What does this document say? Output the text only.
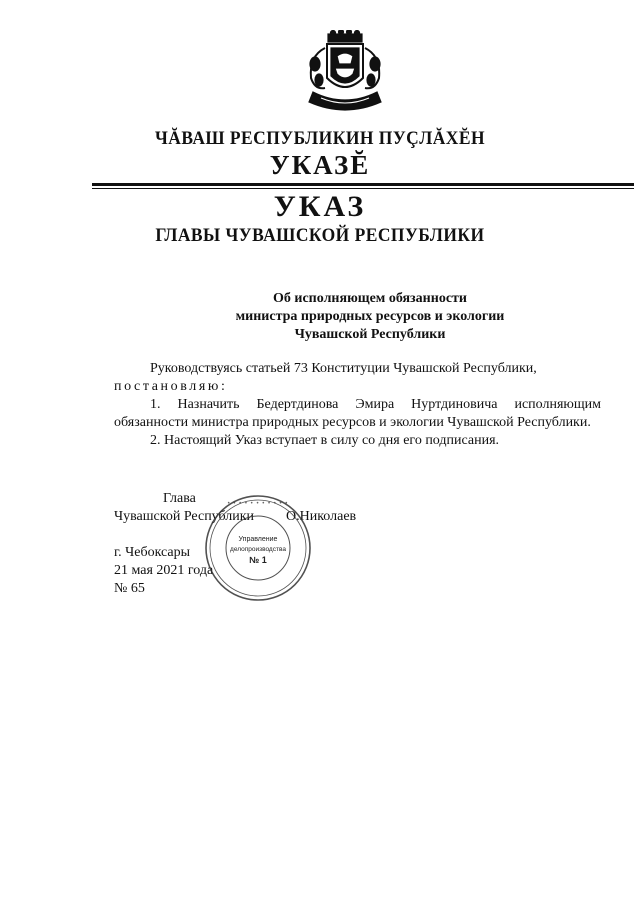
ЧĂВАШ РЕСПУБЛИКИН ПУÇЛĂХĔН
УКАЗĔ
УКАЗ
ГЛАВЫ ЧУВАШСКОЙ РЕСПУБЛИКИ
Об исполняющем обязанности
министра природных ресурсов и экологии
Чувашской Республики

Руководствуясь статьей 73 Конституции Чувашской Республики,

постановляю:

1. Назначить Бедертдинова Эмира Нуртдиновича исполняющим обязанности министра природных ресурсов и экологии Чувашской Республики.

2. Настоящий Указ вступает в силу со дня его подписания.

Глава
Чувашской Республики О.Николаев
г. Чебоксары
21 мая 2021 года
№ 65
• • • • • • • • • • •
Управление
делопроизводства
№ 1
